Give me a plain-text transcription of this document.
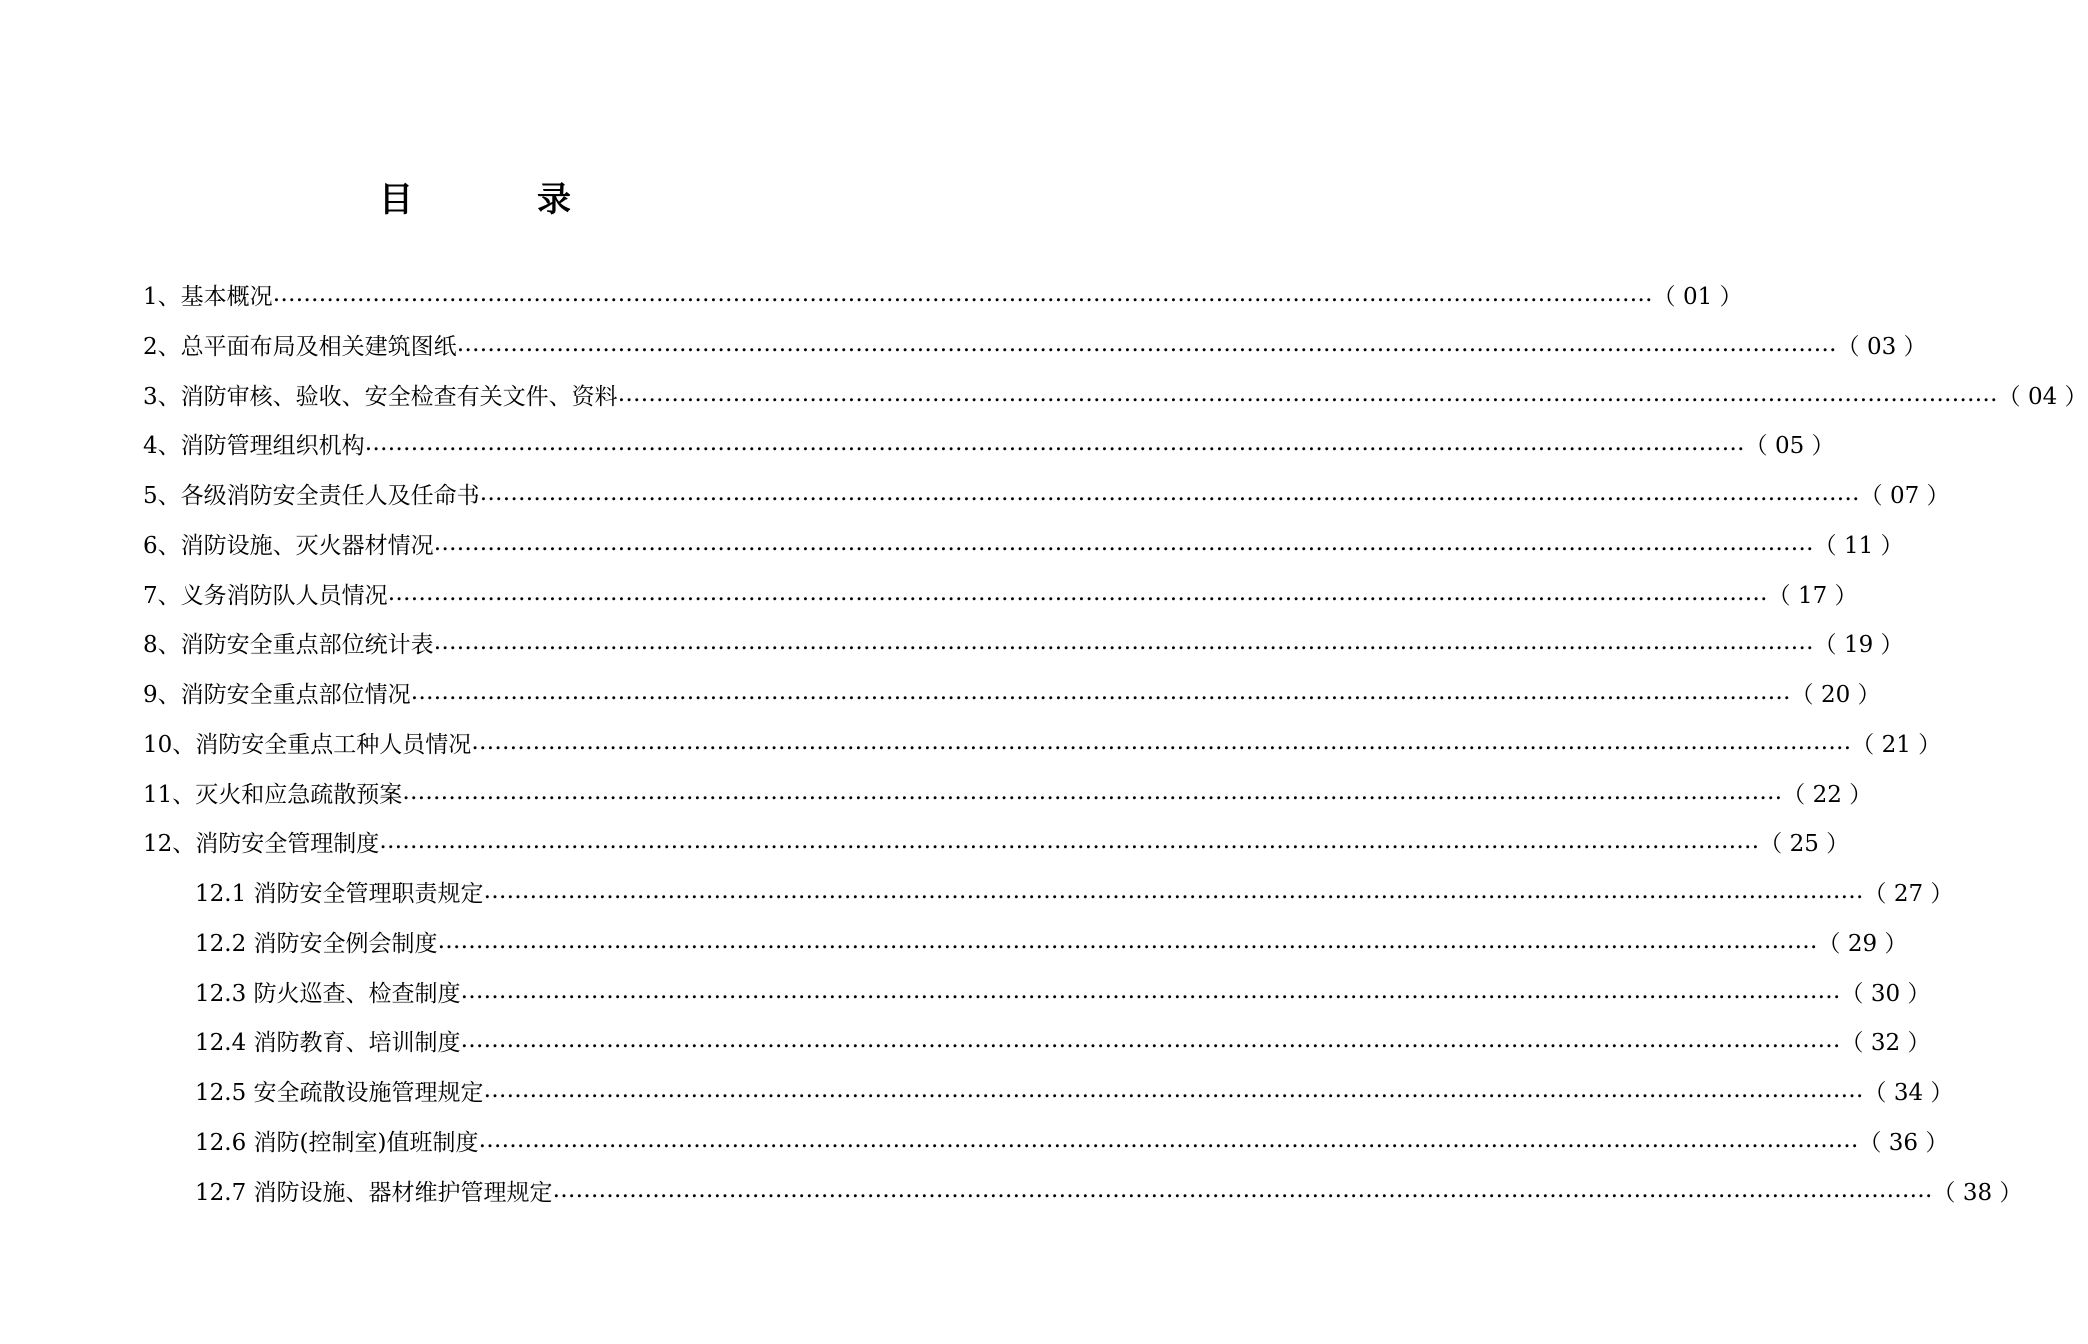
目	录
1、基本概况 ……………………………………………………………………………………………………………………………………………………………… （ 01 ）
2、总平面布局及相关建筑图纸 ……………………………………………………………………………………………………………………………………………………………… （ 03 ）
3、消防审核、验收、安全检查有关文件、资料 ……………………………………………………………………………………………………………………………………………………………… （ 04 ）
4、消防管理组织机构 ……………………………………………………………………………………………………………………………………………………………… （ 05 ）
5、各级消防安全责任人及任命书 ……………………………………………………………………………………………………………………………………………………………… （ 07 ）
6、消防设施、灭火器材情况 ……………………………………………………………………………………………………………………………………………………………… （ 11 ）
7、义务消防队人员情况 ……………………………………………………………………………………………………………………………………………………………… （ 17 ）
8、消防安全重点部位统计表 ……………………………………………………………………………………………………………………………………………………………… （ 19 ）
9、消防安全重点部位情况 ……………………………………………………………………………………………………………………………………………………………… （ 20 ）
10、消防安全重点工种人员情况 ……………………………………………………………………………………………………………………………………………………………… （ 21 ）
11、灭火和应急疏散预案 ……………………………………………………………………………………………………………………………………………………………… （ 22 ）
12、消防安全管理制度 ……………………………………………………………………………………………………………………………………………………………… （ 25 ）
12.1 消防安全管理职责规定 ……………………………………………………………………………………………………………………………………………………………… （ 27 ）
12.2 消防安全例会制度 ……………………………………………………………………………………………………………………………………………………………… （ 29 ）
12.3 防火巡查、检查制度 ……………………………………………………………………………………………………………………………………………………………… （ 30 ）
12.4 消防教育、培训制度 ……………………………………………………………………………………………………………………………………………………………… （ 32 ）
12.5 安全疏散设施管理规定 ……………………………………………………………………………………………………………………………………………………………… （ 34 ）
12.6 消防(控制室)值班制度 ……………………………………………………………………………………………………………………………………………………………… （ 36 ）
12.7 消防设施、器材维护管理规定 ……………………………………………………………………………………………………………………………………………………………… （ 38 ）
